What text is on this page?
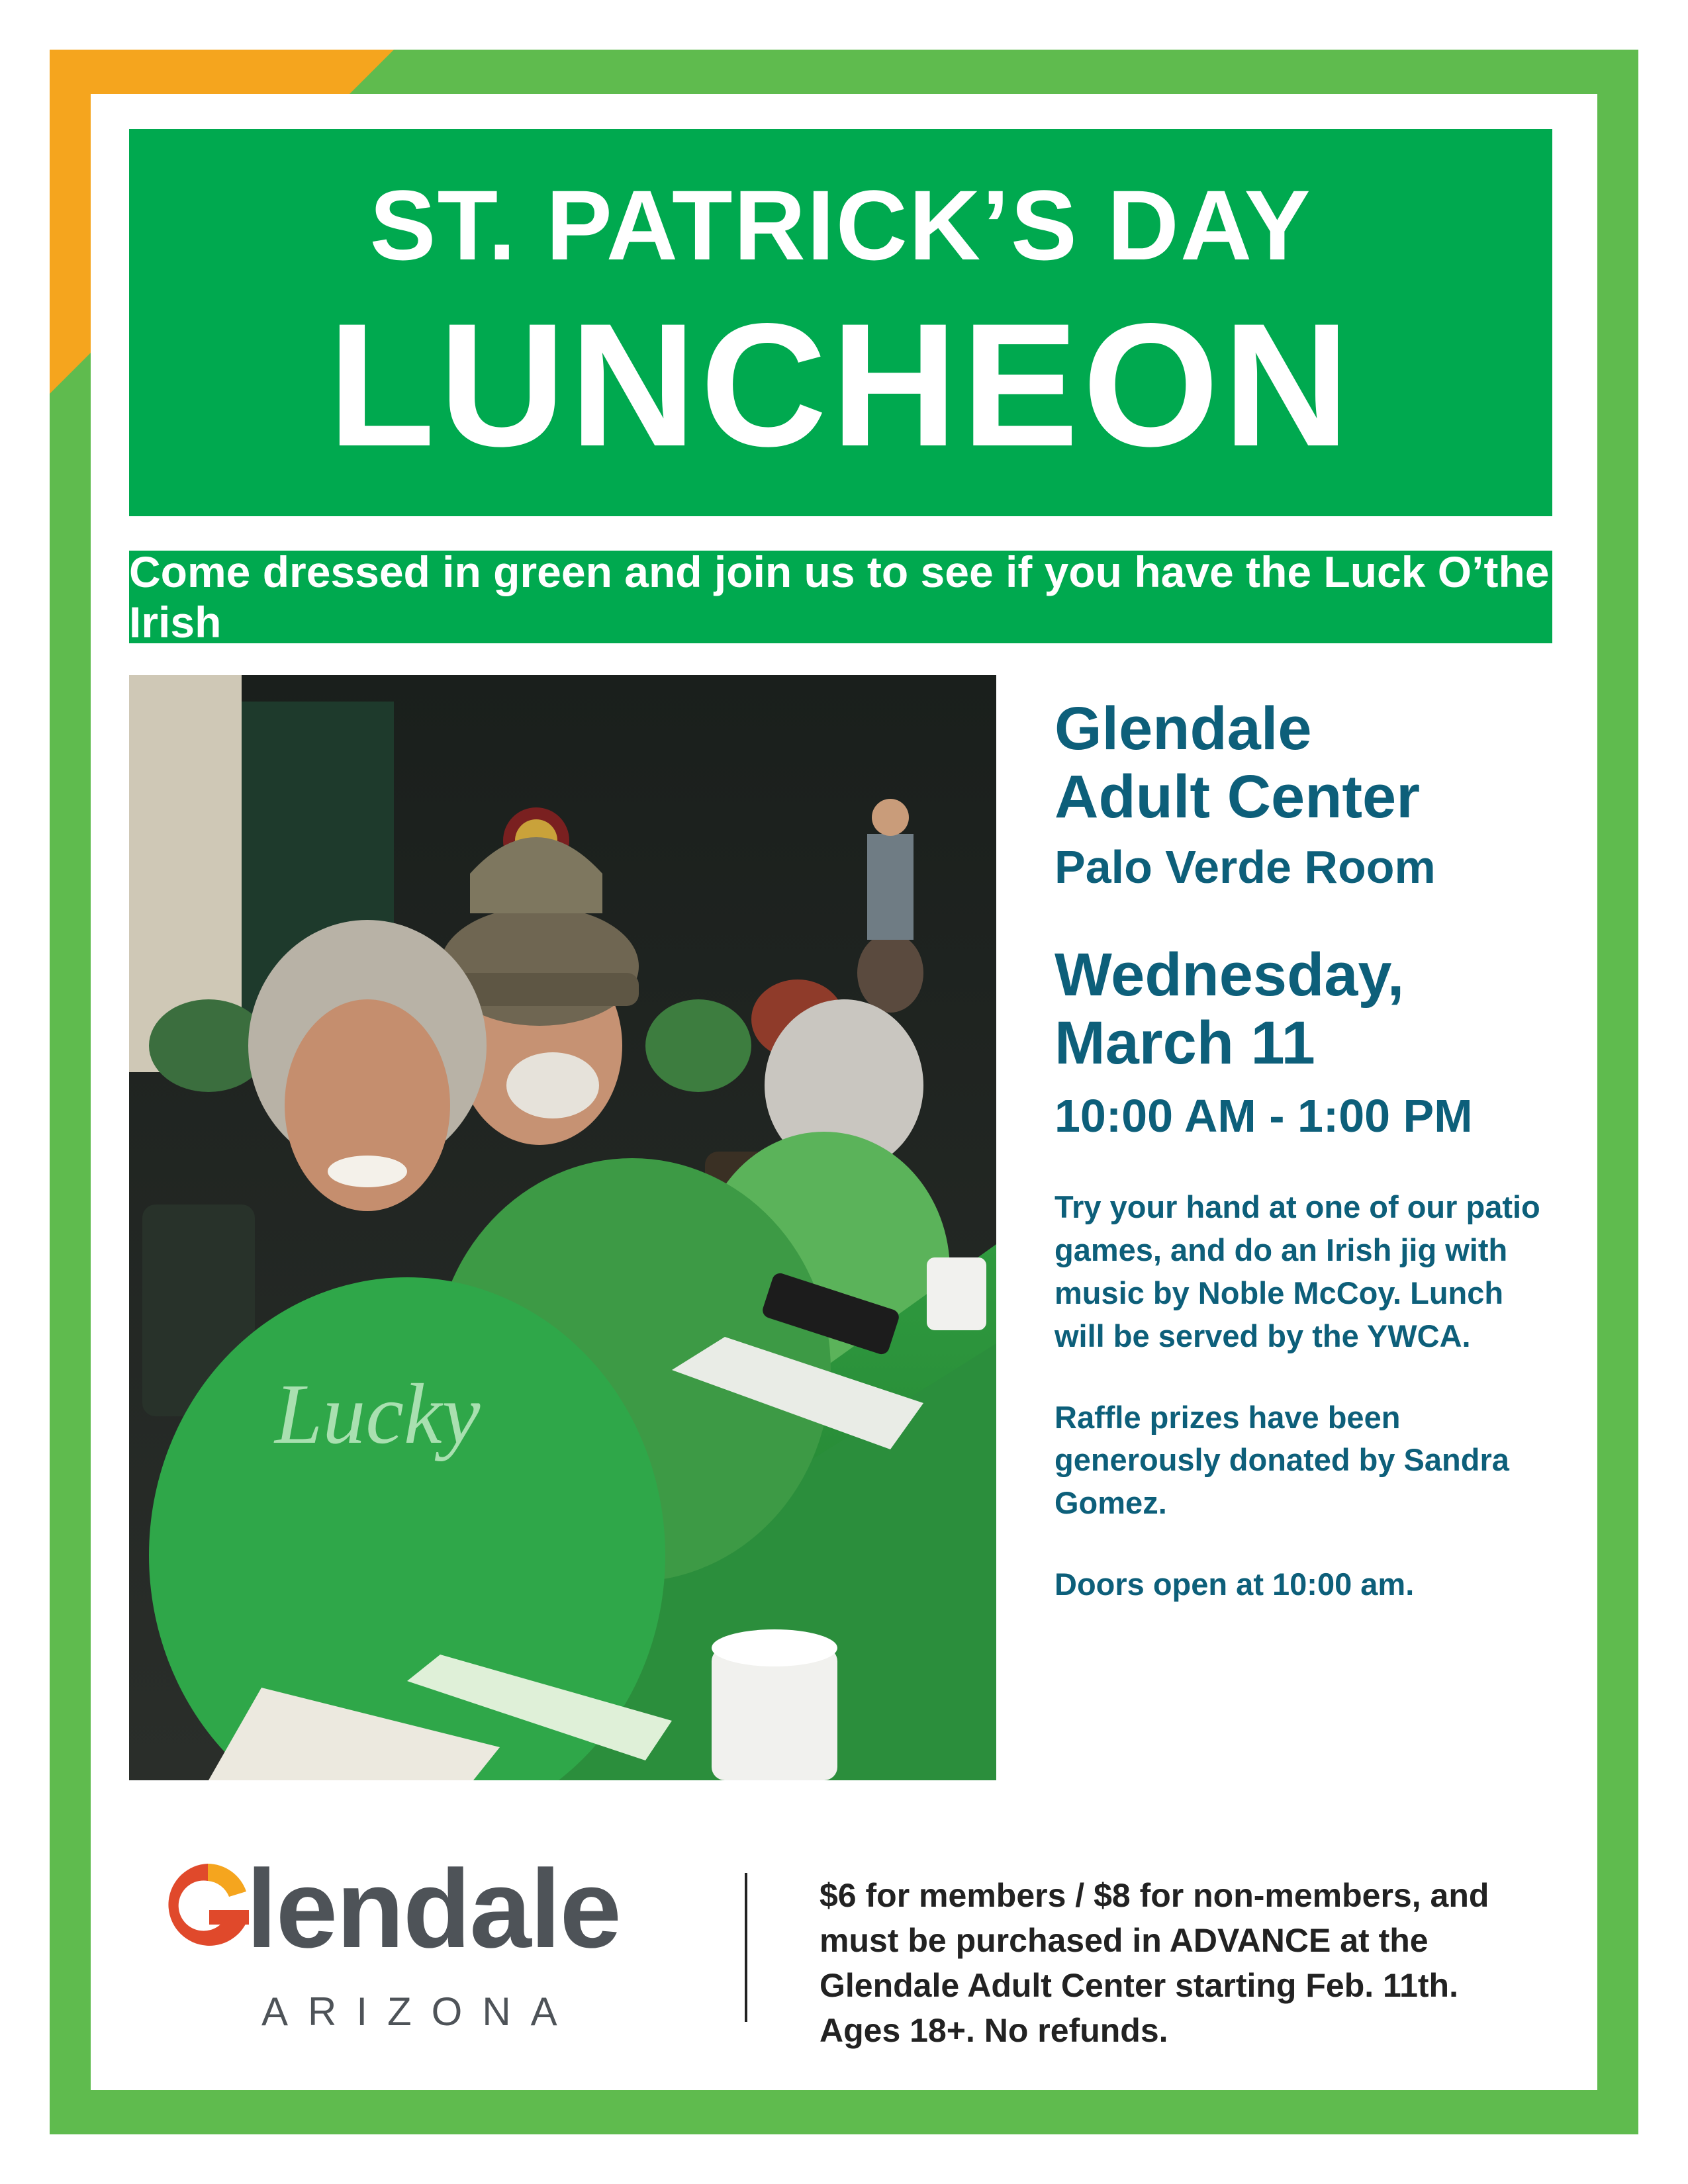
ST. PATRICK’S DAY
LUNCHEON
Come dressed in green and join us to see if you have the Luck O’the Irish
Lucky
Glendale
Adult Center
Palo Verde Room
Wednesday,
March 11
10:00 AM - 1:00 PM

Try your hand at one of our patio games, and do an Irish jig with music by Noble McCoy. Lunch will be served by the YWCA.

Raffle prizes have been generously donated by Sandra Gomez.

Doors open at 10:00 am.

lendale
ARIZONA
$6 for members / $8 for non-members, and must be purchased in ADVANCE at the Glendale Adult Center starting Feb. 11th. Ages 18+. No refunds.
